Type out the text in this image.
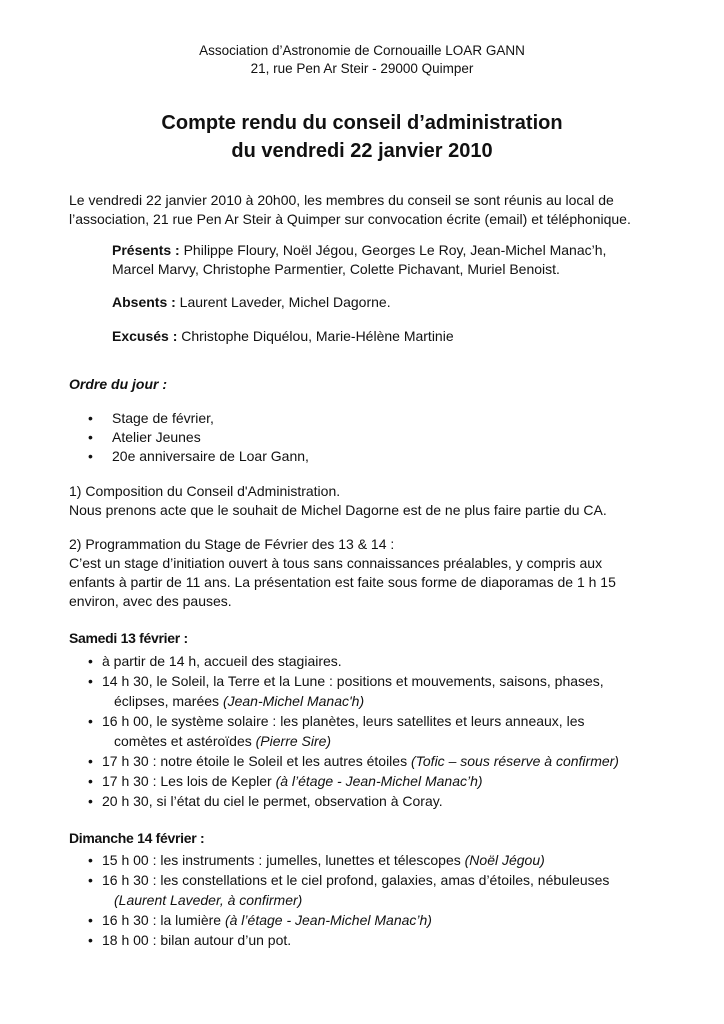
Association d’Astronomie de Cornouaille LOAR GANN
21, rue Pen Ar Steir - 29000 Quimper
Compte rendu du conseil d’administration
du vendredi 22 janvier 2010
Le vendredi 22 janvier 2010 à 20h00, les membres du conseil se sont réunis au local de
l’association, 21 rue Pen Ar Steir à Quimper sur convocation écrite (email) et téléphonique.
Présents : Philippe Floury, Noël Jégou, Georges Le Roy, Jean-Michel Manac’h,
Marcel Marvy, Christophe Parmentier, Colette Pichavant, Muriel Benoist.
Absents : Laurent Laveder, Michel Dagorne.
Excusés : Christophe Diquélou, Marie-Hélène Martinie
Ordre du jour :
• Stage de février,
• Atelier Jeunes
• 20e anniversaire de Loar Gann,
1) Composition du Conseil d'Administration.
Nous prenons acte que le souhait de Michel Dagorne est de ne plus faire partie du CA.
2) Programmation du Stage de Février des 13 & 14 :
C’est un stage d’initiation ouvert à tous sans connaissances préalables, y compris aux
enfants à partir de 11 ans. La présentation est faite sous forme de diaporamas de 1 h 15
environ, avec des pauses.
Samedi 13 février :
• à partir de 14 h, accueil des stagiaires.
• 14 h 30, le Soleil, la Terre et la Lune : positions et mouvements, saisons, phases,
éclipses, marées (Jean-Michel Manac'h)
• 16 h 00, le système solaire : les planètes, leurs satellites et leurs anneaux, les
comètes et astéroïdes (Pierre Sire)
• 17 h 30 : notre étoile le Soleil et les autres étoiles (Tofic – sous réserve à confirmer)
• 17 h 30 : Les lois de Kepler (à l’étage - Jean-Michel Manac’h)
• 20 h 30, si l’état du ciel le permet, observation à Coray.
Dimanche 14 février :
• 15 h 00 : les instruments : jumelles, lunettes et télescopes (Noël Jégou)
• 16 h 30 : les constellations et le ciel profond, galaxies, amas d’étoiles, nébuleuses
(Laurent Laveder, à confirmer)
• 16 h 30 : la lumière (à l’étage - Jean-Michel Manac’h)
• 18 h 00 : bilan autour d’un pot.
